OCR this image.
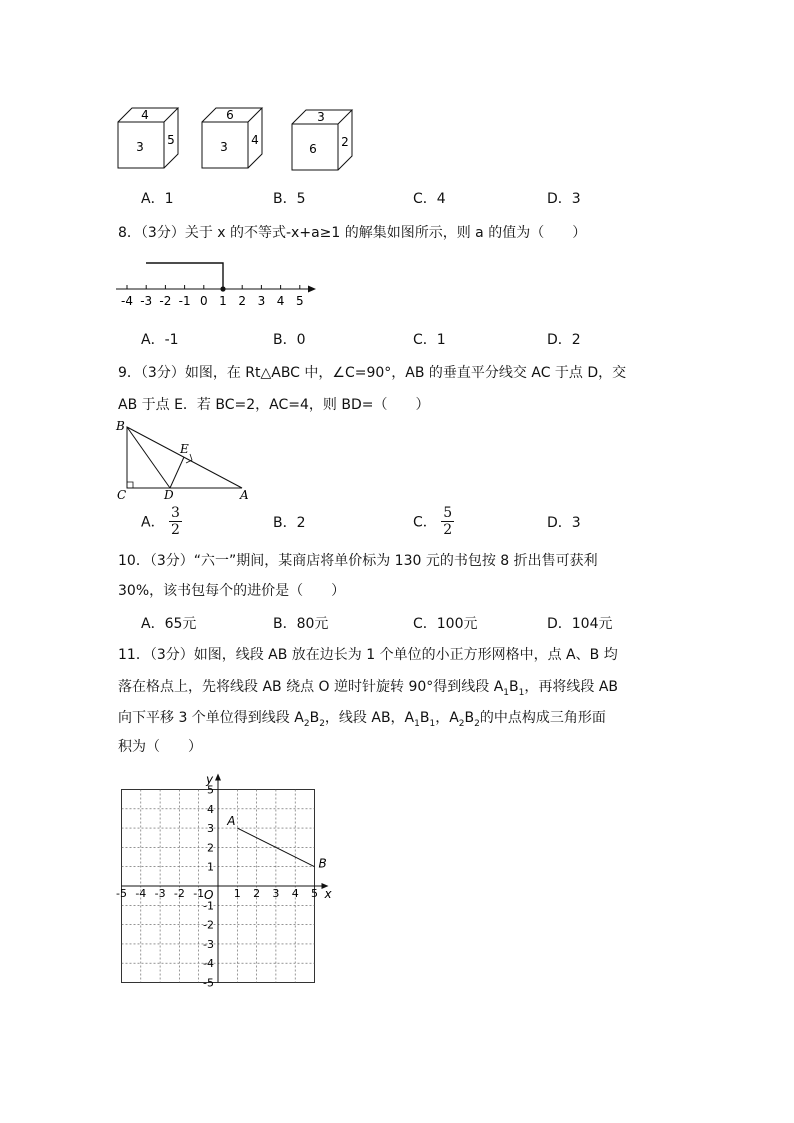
4
3 5
6
3 4
3
6 2
A．1	B．5	C．4	D．3
8．（3分）关于 x 的不等式-x+a≥1 的解集如图所示，则 a 的值为（　　）
-4 -3 -2 -1 0 1 2 3 4 5
A．-1	B．0	C．1	D．2
9．（3分）如图，在 Rt△ABC 中，∠C=90°，AB 的垂直平分线交 AC 于点 D，交
AB 于点 E．若 BC=2，AC=4，则 BD=（　　）
B
E
C	D	A
A． $\frac{3}{2}$	B．2	C． $\frac{5}{2}$	D．3
10．（3分）“六一”期间，某商店将单价标为 130 元的书包按 8 折出售可获利
30%，该书包每个的进价是（　　）
A．65元	B．80元	C．100元	D．104元
11．（3分）如图，线段 AB 放在边长为 1 个单位的小正方形网格中，点 A、B 均
落在格点上，先将线段 AB 绕点 O 逆时针旋转 90°得到线段 $A_1B_1$，再将线段 AB
向下平移 3 个单位得到线段 $A_2B_2$，线段 AB，$A_1B_1$，$A_2B_2$的中点构成三角形面
积为（　　）
-5 -4 -3 -2 -1	1 2 3 4 5
5
4
3
2
1
-1
-2
-3
-4
-5
x
y
O
A
B
